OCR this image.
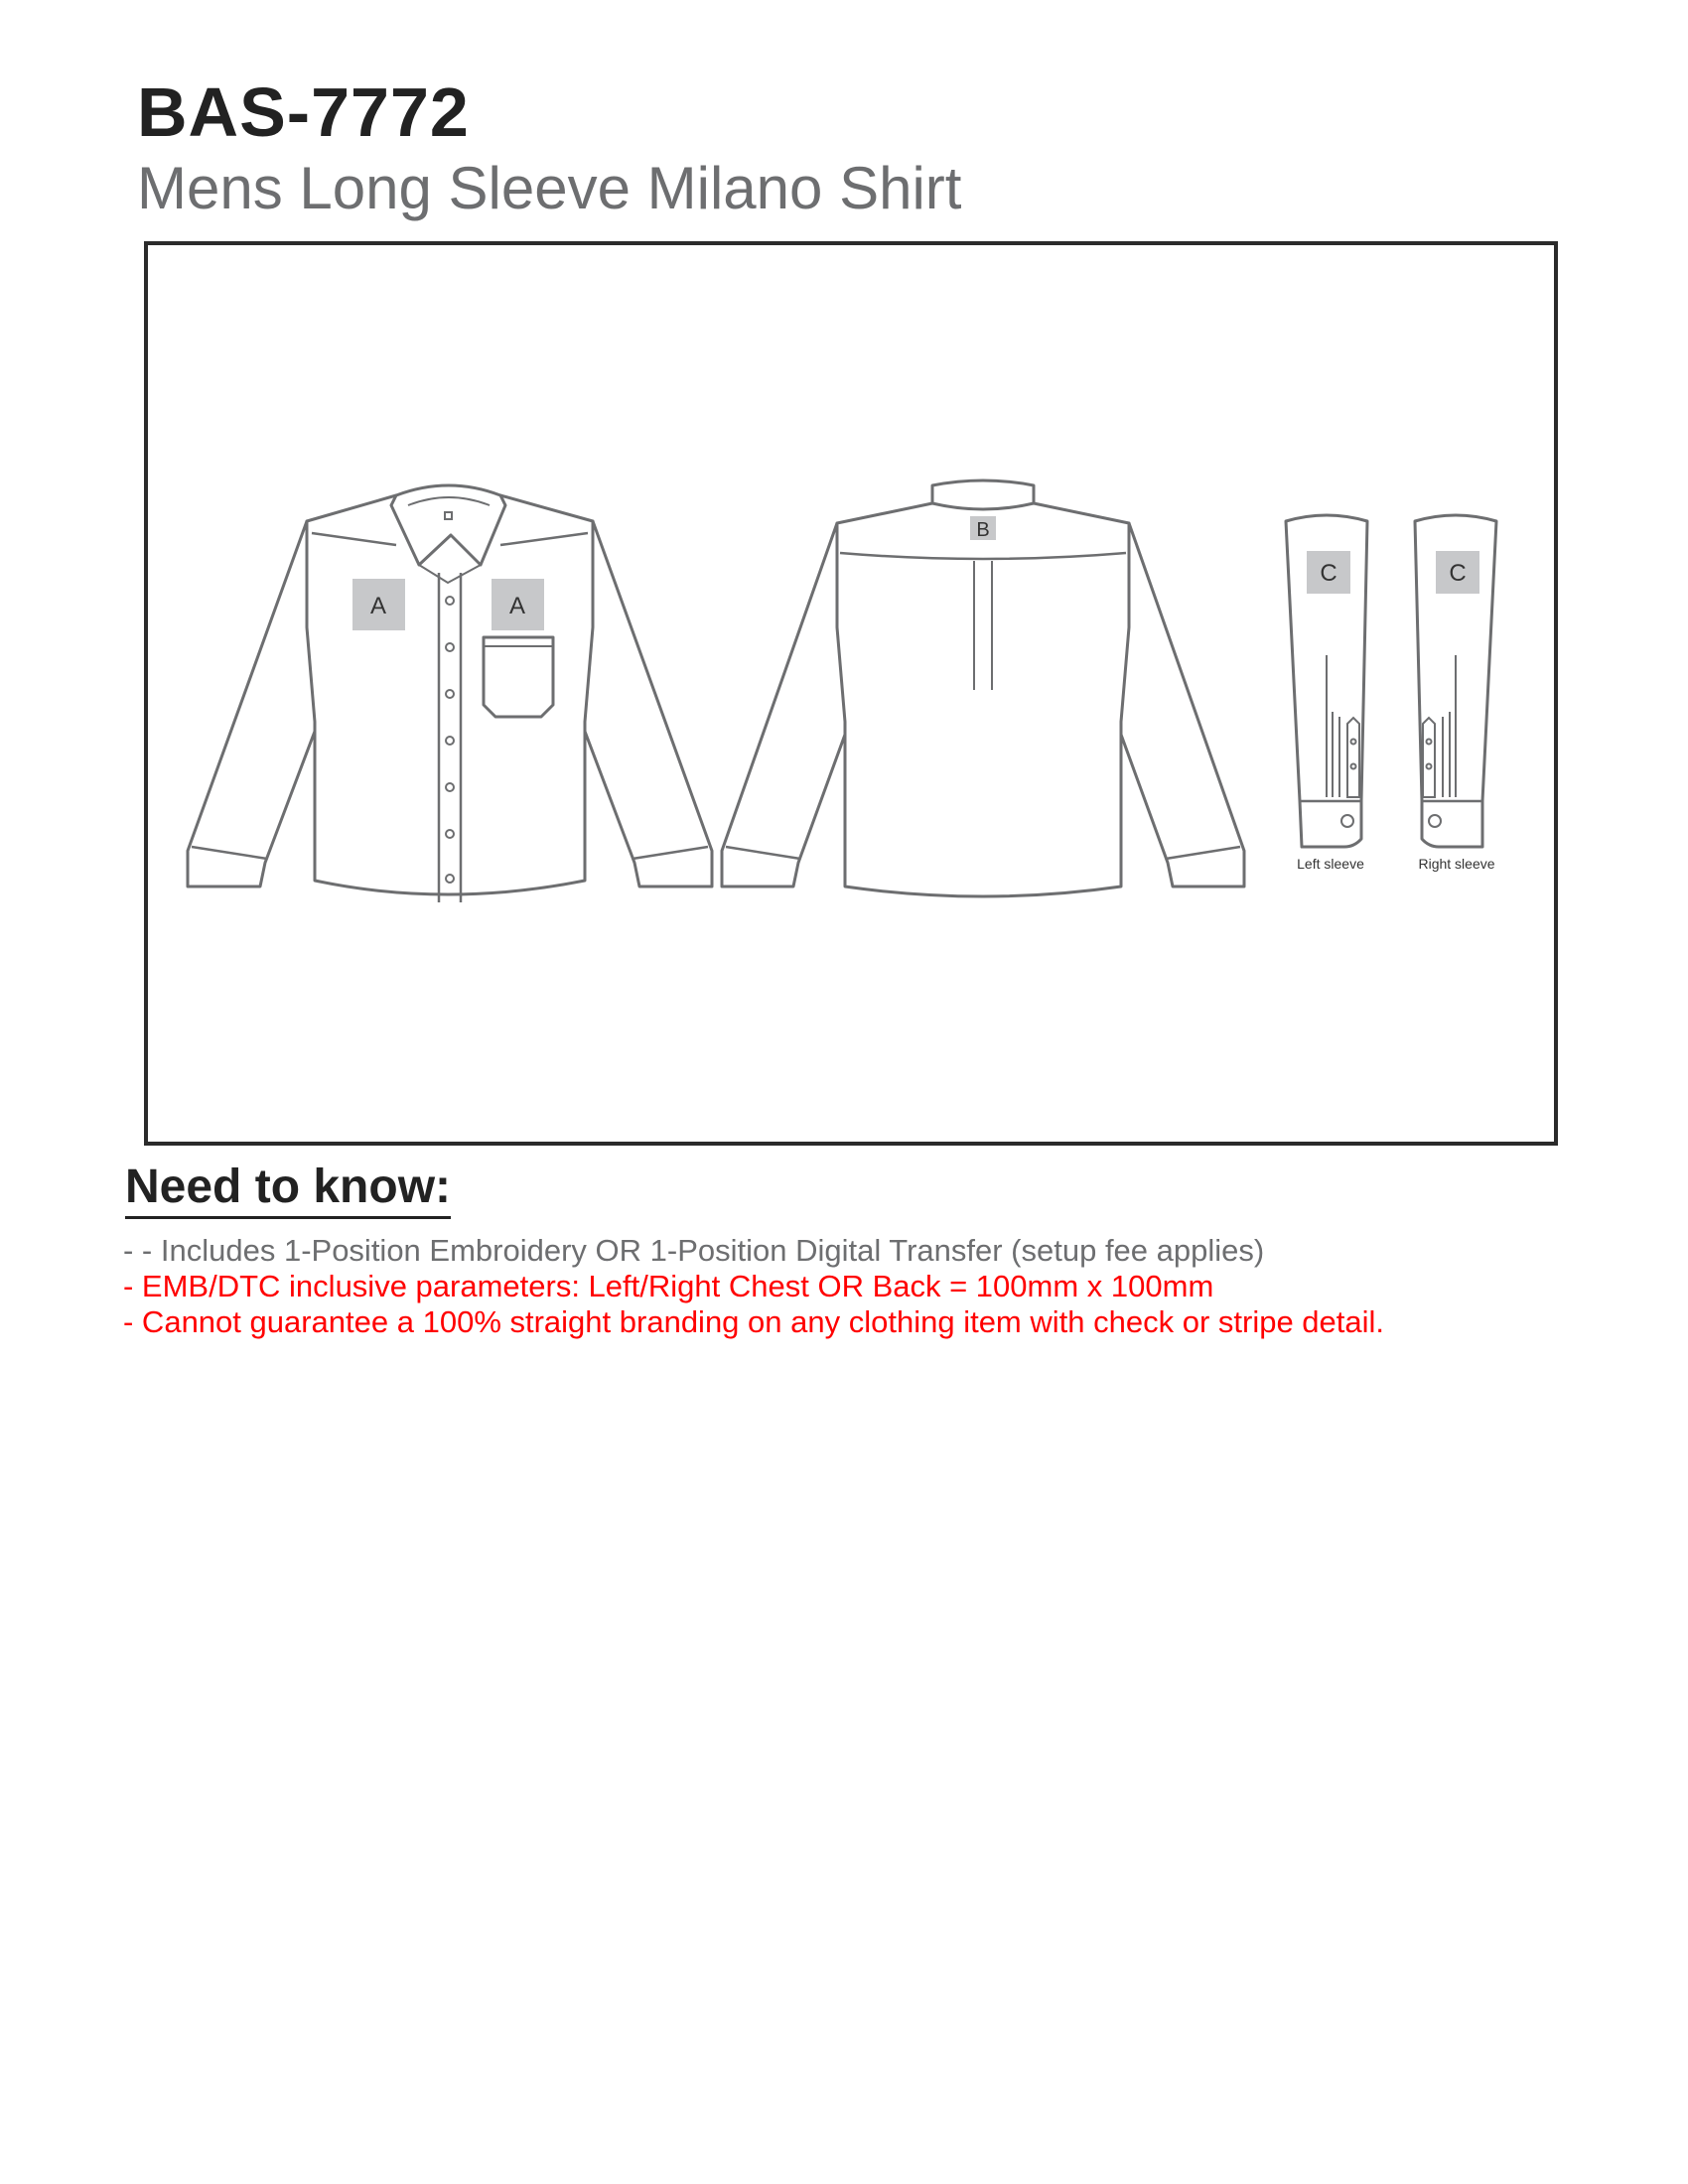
BAS-7772
Mens Long Sleeve Milano Shirt
A	A
B
C
Left sleeve
C
Right sleeve
Need to know:
- - Includes 1-Position Embroidery OR 1-Position Digital Transfer (setup fee applies)
- EMB/DTC inclusive parameters: Left/Right Chest OR Back = 100mm x 100mm
- Cannot guarantee a 100% straight branding on any clothing item with check or stripe detail.
